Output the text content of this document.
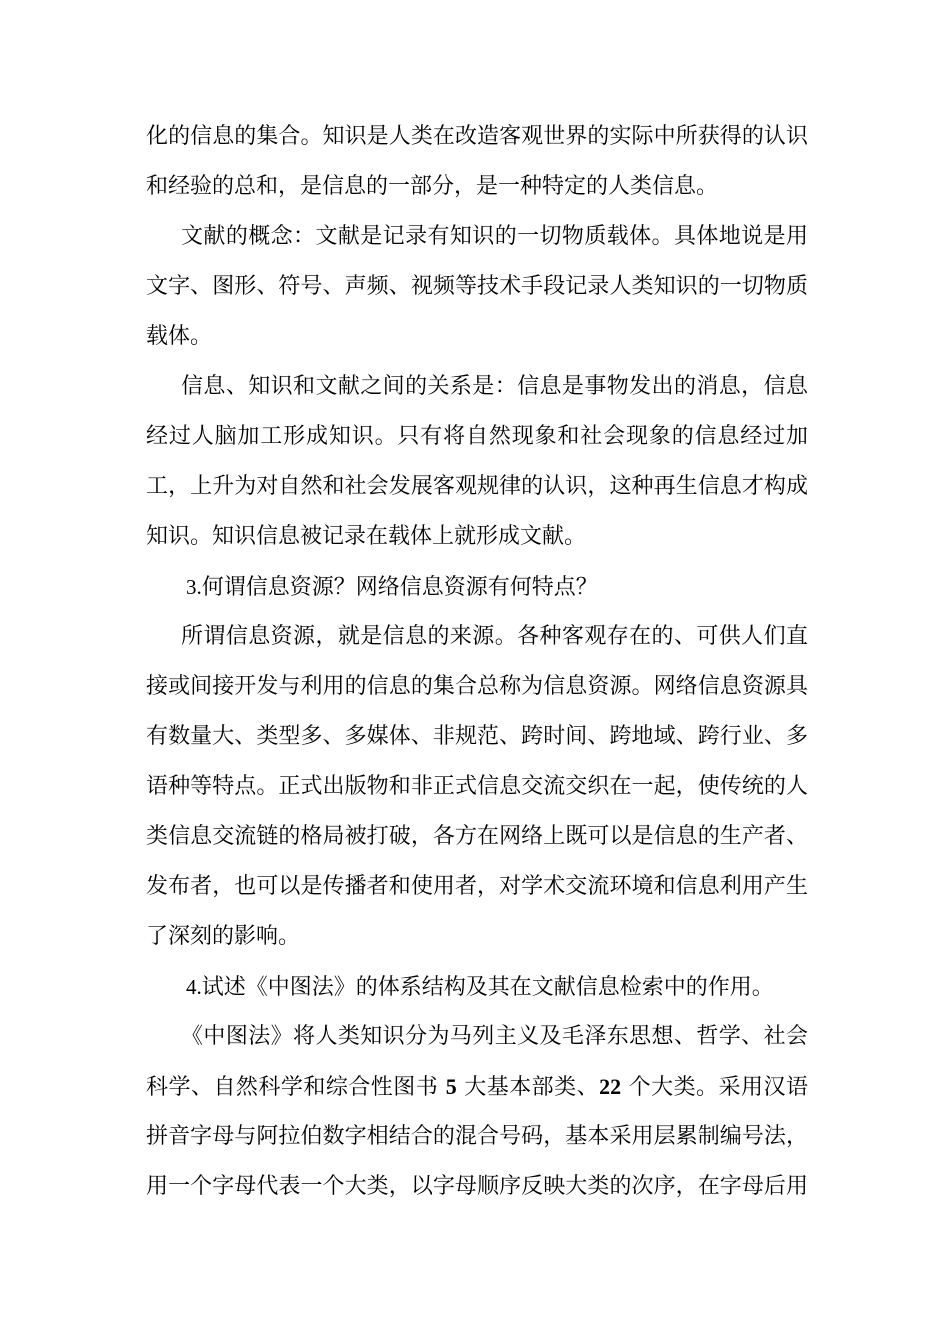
化的信息的集合。知识是人类在改造客观世界的实际中所获得的认识
和经验的总和，是信息的一部分，是一种特定的人类信息。
文献的概念：文献是记录有知识的一切物质载体。具体地说是用
文字、图形、符号、声频、视频等技术手段记录人类知识的一切物质
载体。
信息、知识和文献之间的关系是：信息是事物发出的消息，信息
经过人脑加工形成知识。只有将自然现象和社会现象的信息经过加
工，上升为对自然和社会发展客观规律的认识，这种再生信息才构成
知识。知识信息被记录在载体上就形成文献。
3.何谓信息资源？网络信息资源有何特点？
所谓信息资源，就是信息的来源。各种客观存在的、可供人们直
接或间接开发与利用的信息的集合总称为信息资源。网络信息资源具
有数量大、类型多、多媒体、非规范、跨时间、跨地域、跨行业、多
语种等特点。正式出版物和非正式信息交流交织在一起，使传统的人
类信息交流链的格局被打破，各方在网络上既可以是信息的生产者、
发布者，也可以是传播者和使用者，对学术交流环境和信息利用产生
了深刻的影响。
4.试述《中图法》的体系结构及其在文献信息检索中的作用。
《中图法》将人类知识分为马列主义及毛泽东思想、哲学、社会
科学、自然科学和综合性图书 5 大基本部类、22 个大类。采用汉语
拼音字母与阿拉伯数字相结合的混合号码，基本采用层累制编号法，
用一个字母代表一个大类，以字母顺序反映大类的次序，在字母后用
